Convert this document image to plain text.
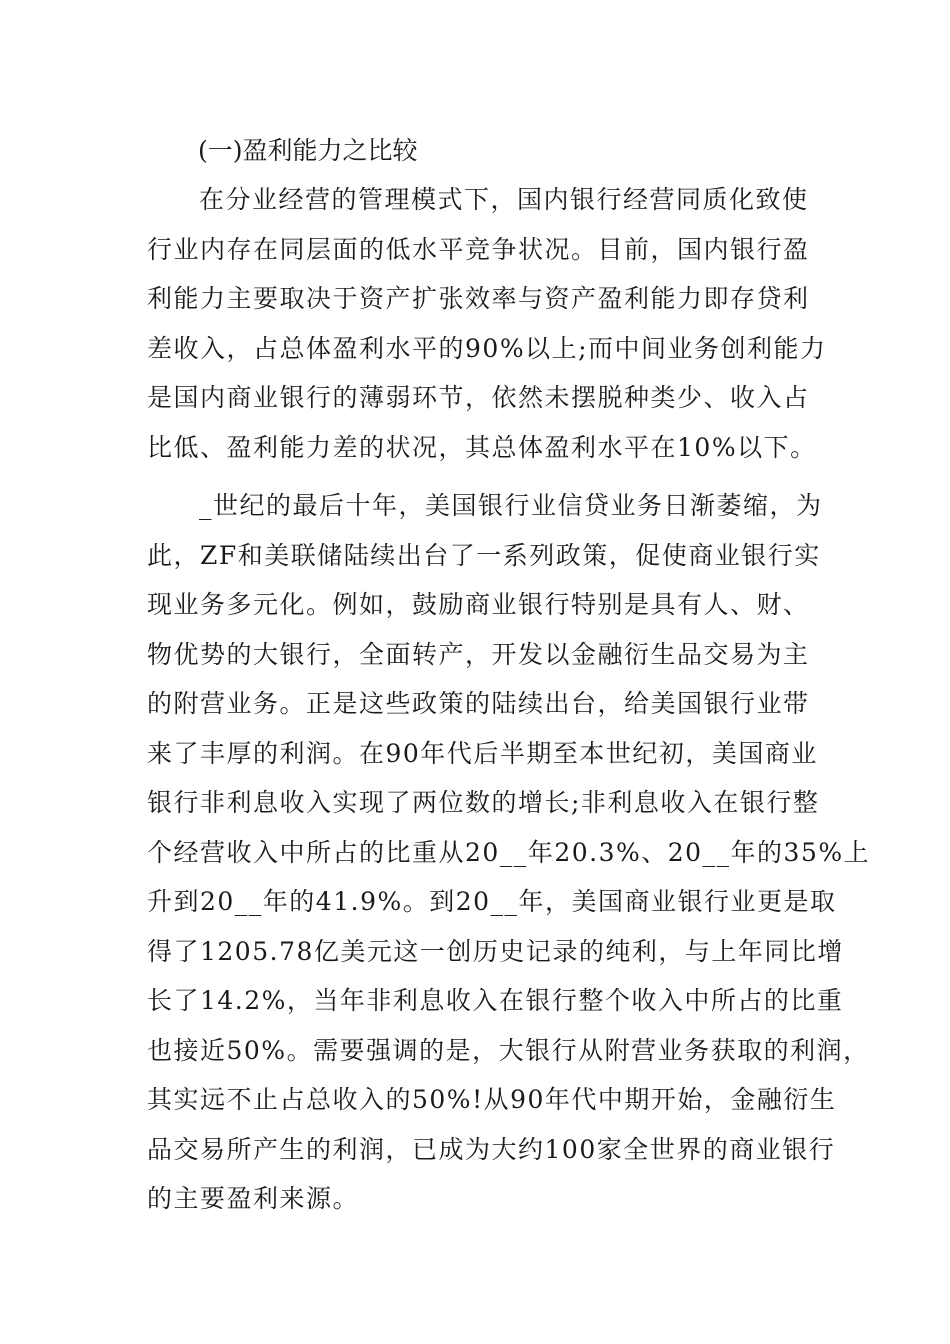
(一)盈利能力之比较
在分业经营的管理模式下，国内银行经营同质化致使
行业内存在同层面的低水平竞争状况。目前，国内银行盈
利能力主要取决于资产扩张效率与资产盈利能力即存贷利
差收入，占总体盈利水平的90%以上;而中间业务创利能力
是国内商业银行的薄弱环节，依然未摆脱种类少、收入占
比低、盈利能力差的状况，其总体盈利水平在10%以下。
_世纪的最后十年，美国银行业信贷业务日渐萎缩，为
此，ZF和美联储陆续出台了一系列政策，促使商业银行实
现业务多元化。例如，鼓励商业银行特别是具有人、财、
物优势的大银行，全面转产，开发以金融衍生品交易为主
的附营业务。正是这些政策的陆续出台，给美国银行业带
来了丰厚的利润。在90年代后半期至本世纪初，美国商业
银行非利息收入实现了两位数的增长;非利息收入在银行整
个经营收入中所占的比重从20__年20.3%、20__年的35%上
升到20__年的41.9%。到20__年，美国商业银行业更是取
得了1205.78亿美元这一创历史记录的纯利，与上年同比增
长了14.2%，当年非利息收入在银行整个收入中所占的比重
也接近50%。需要强调的是，大银行从附营业务获取的利润，
其实远不止占总收入的50%!从90年代中期开始，金融衍生
品交易所产生的利润，已成为大约100家全世界的商业银行
的主要盈利来源。
